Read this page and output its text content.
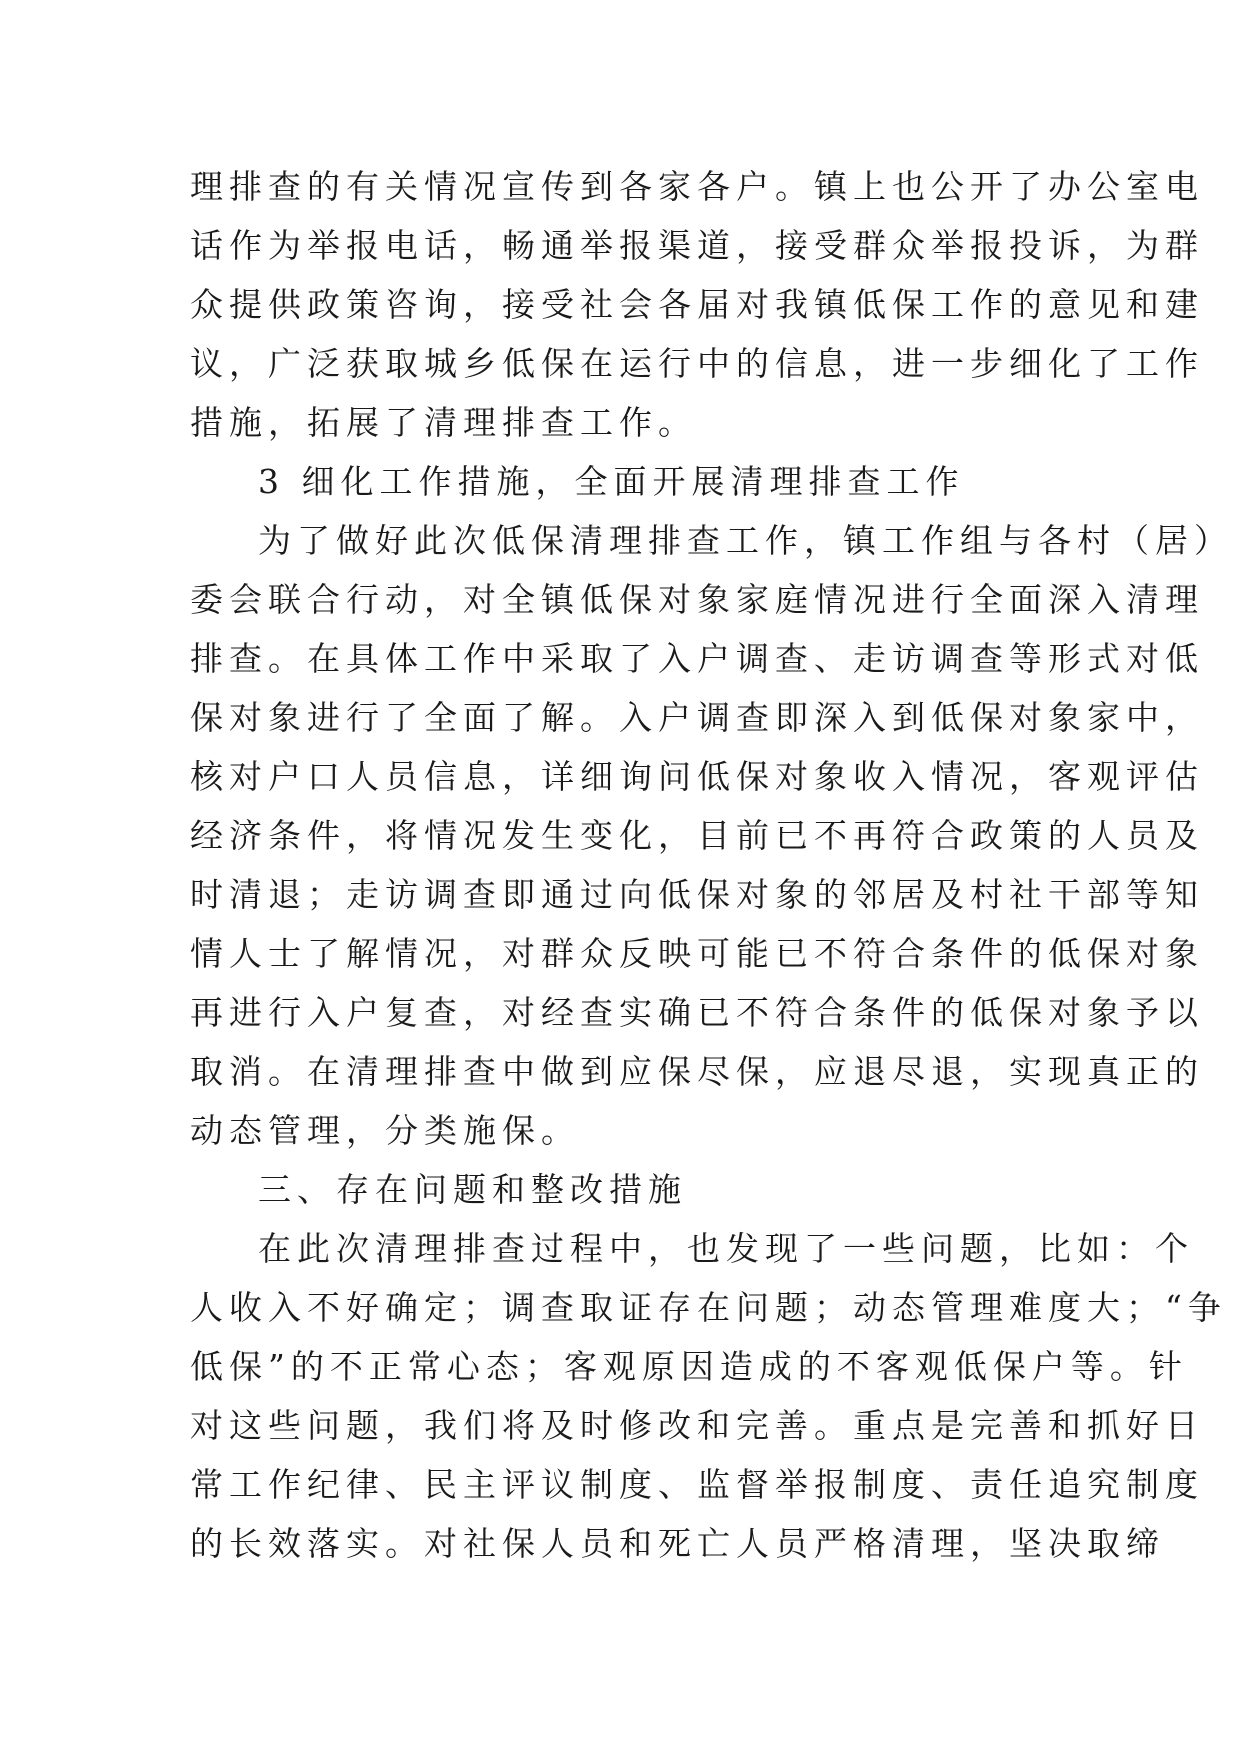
理排查的有关情况宣传到各家各户。镇上也公开了办公室电
话作为举报电话，畅通举报渠道，接受群众举报投诉，为群
众提供政策咨询，接受社会各届对我镇低保工作的意见和建
议，广泛获取城乡低保在运行中的信息，进一步细化了工作
措施，拓展了清理排查工作。
3 细化工作措施，全面开展清理排查工作
为了做好此次低保清理排查工作，镇工作组与各村（居）
委会联合行动，对全镇低保对象家庭情况进行全面深入清理
排查。在具体工作中采取了入户调查、走访调查等形式对低
保对象进行了全面了解。入户调查即深入到低保对象家中，
核对户口人员信息，详细询问低保对象收入情况，客观评估
经济条件，将情况发生变化，目前已不再符合政策的人员及
时清退；走访调查即通过向低保对象的邻居及村社干部等知
情人士了解情况，对群众反映可能已不符合条件的低保对象
再进行入户复查，对经查实确已不符合条件的低保对象予以
取消。在清理排查中做到应保尽保，应退尽退，实现真正的
动态管理，分类施保。
三、存在问题和整改措施
在此次清理排查过程中，也发现了一些问题，比如：个
人收入不好确定；调查取证存在问题；动态管理难度大；“争
低保”的不正常心态；客观原因造成的不客观低保户等。针
对这些问题，我们将及时修改和完善。重点是完善和抓好日
常工作纪律、民主评议制度、监督举报制度、责任追究制度
的长效落实。对社保人员和死亡人员严格清理，坚决取缔
